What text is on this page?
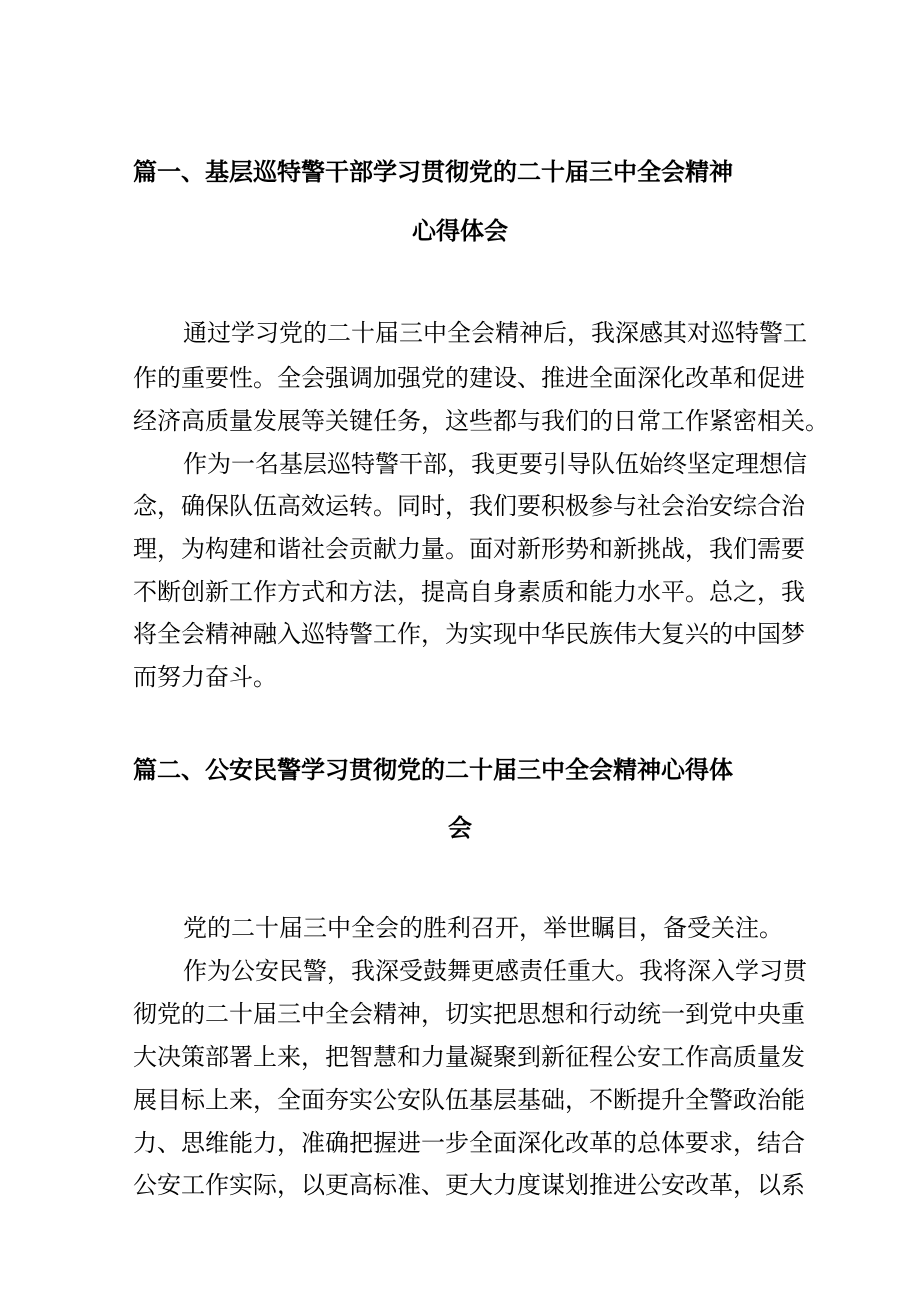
篇一、基层巡特警干部学习贯彻党的二十届三中全会精神
心得体会
通过学习党的二十届三中全会精神后，我深感其对巡特警工
作的重要性。全会强调加强党的建设、推进全面深化改革和促进
经济高质量发展等关键任务，这些都与我们的日常工作紧密相关。
作为一名基层巡特警干部，我更要引导队伍始终坚定理想信
念，确保队伍高效运转。同时，我们要积极参与社会治安综合治
理，为构建和谐社会贡献力量。面对新形势和新挑战，我们需要
不断创新工作方式和方法，提高自身素质和能力水平。总之，我
将全会精神融入巡特警工作，为实现中华民族伟大复兴的中国梦
而努力奋斗。
篇二、公安民警学习贯彻党的二十届三中全会精神心得体
会
党的二十届三中全会的胜利召开，举世瞩目，备受关注。
作为公安民警，我深受鼓舞更感责任重大。我将深入学习贯
彻党的二十届三中全会精神，切实把思想和行动统一到党中央重
大决策部署上来，把智慧和力量凝聚到新征程公安工作高质量发
展目标上来，全面夯实公安队伍基层基础，不断提升全警政治能
力、思维能力，准确把握进一步全面深化改革的总体要求，结合
公安工作实际，以更高标准、更大力度谋划推进公安改革，以系
